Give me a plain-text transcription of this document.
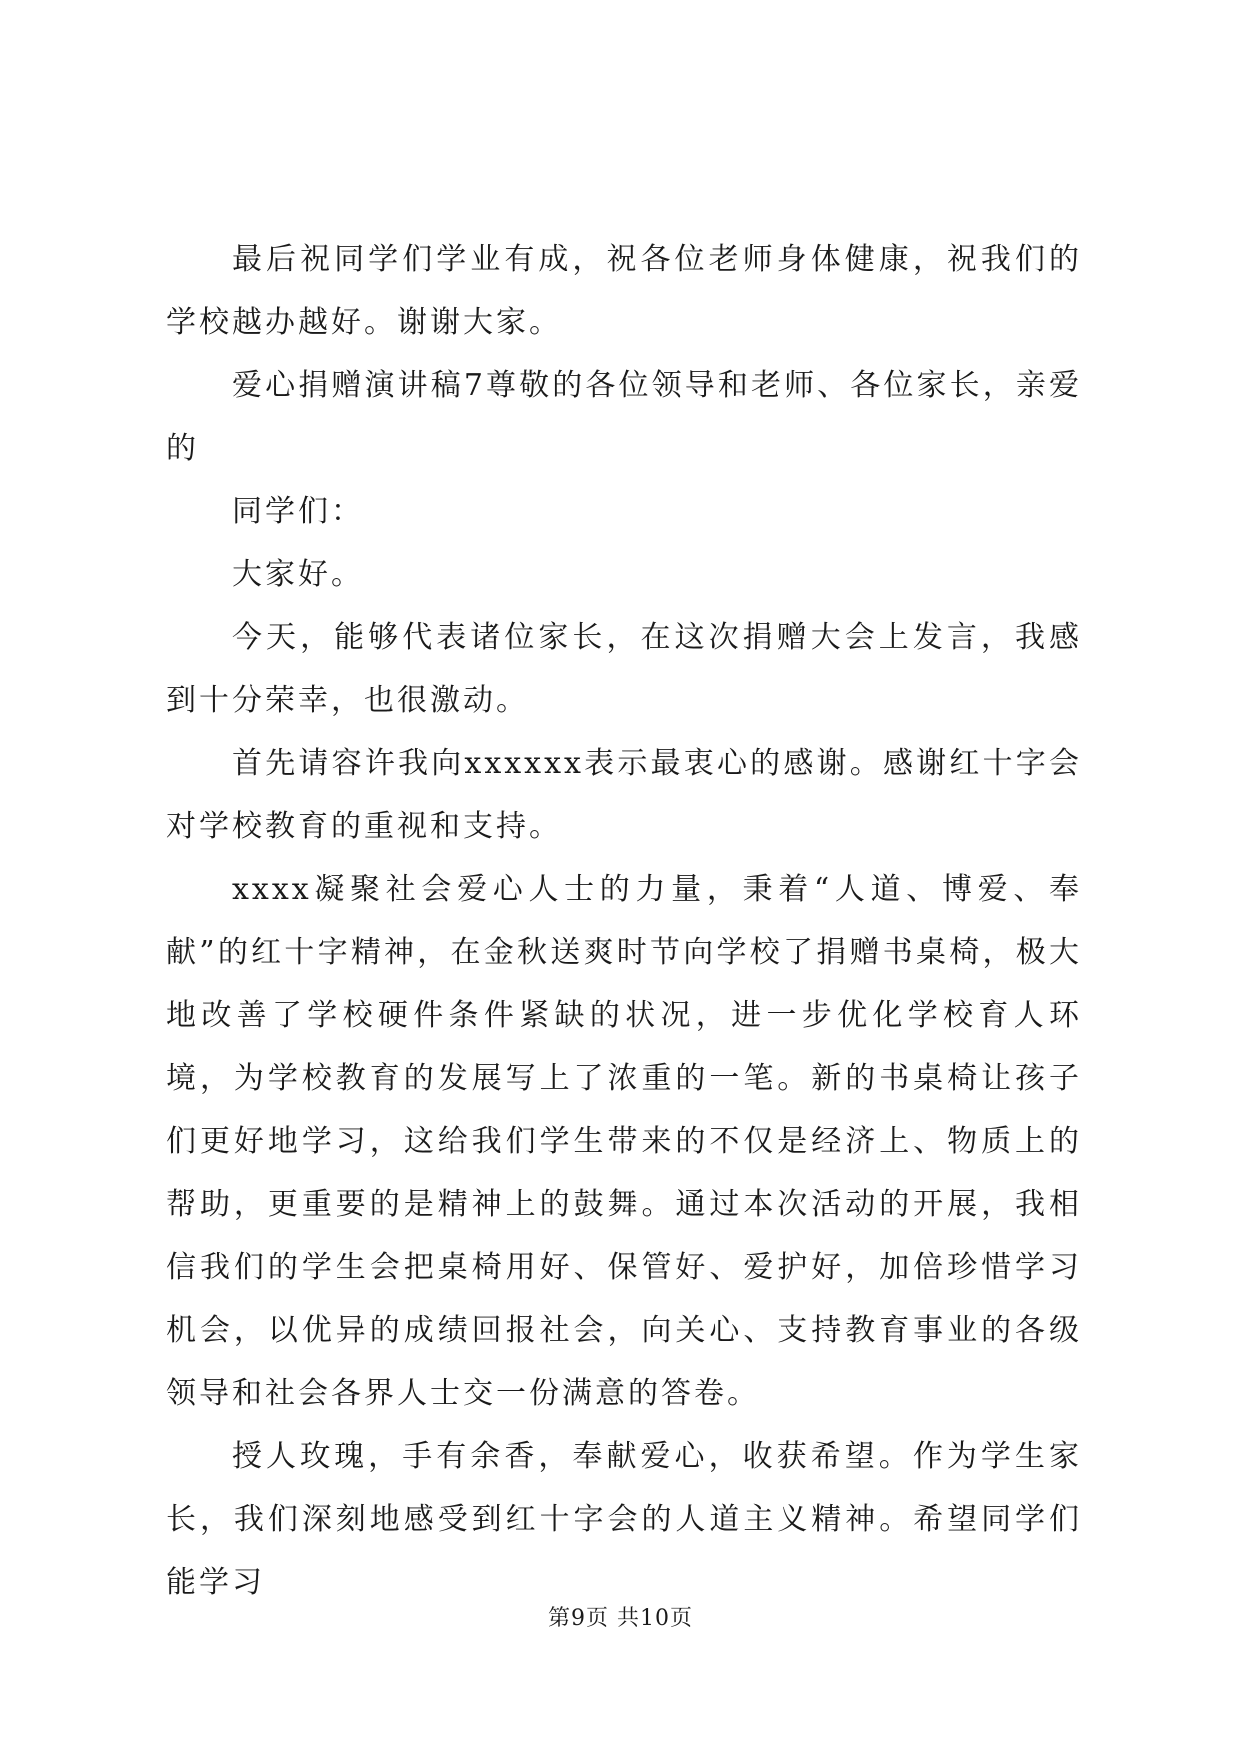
最后祝同学们学业有成，祝各位老师身体健康，祝我们的学校越办越好。谢谢大家。

爱心捐赠演讲稿7尊敬的各位领导和老师、各位家长，亲爱的

同学们：

大家好。

今天，能够代表诸位家长，在这次捐赠大会上发言，我感到十分荣幸，也很激动。

首先请容许我向xxxxxx表示最衷心的感谢。感谢红十字会对学校教育的重视和支持。

xxxx凝聚社会爱心人士的力量，秉着“人道、博爱、奉献”的红十字精神，在金秋送爽时节向学校了捐赠书桌椅，极大地改善了学校硬件条件紧缺的状况，进一步优化学校育人环境，为学校教育的发展写上了浓重的一笔。新的书桌椅让孩子们更好地学习，这给我们学生带来的不仅是经济上、物质上的帮助，更重要的是精神上的鼓舞。通过本次活动的开展，我相信我们的学生会把桌椅用好、保管好、爱护好，加倍珍惜学习机会，以优异的成绩回报社会，向关心、支持教育事业的各级领导和社会各界人士交一份满意的答卷。

授人玫瑰，手有余香，奉献爱心，收获希望。作为学生家长，我们深刻地感受到红十字会的人道主义精神。希望同学们能学习

第9页 共10页
